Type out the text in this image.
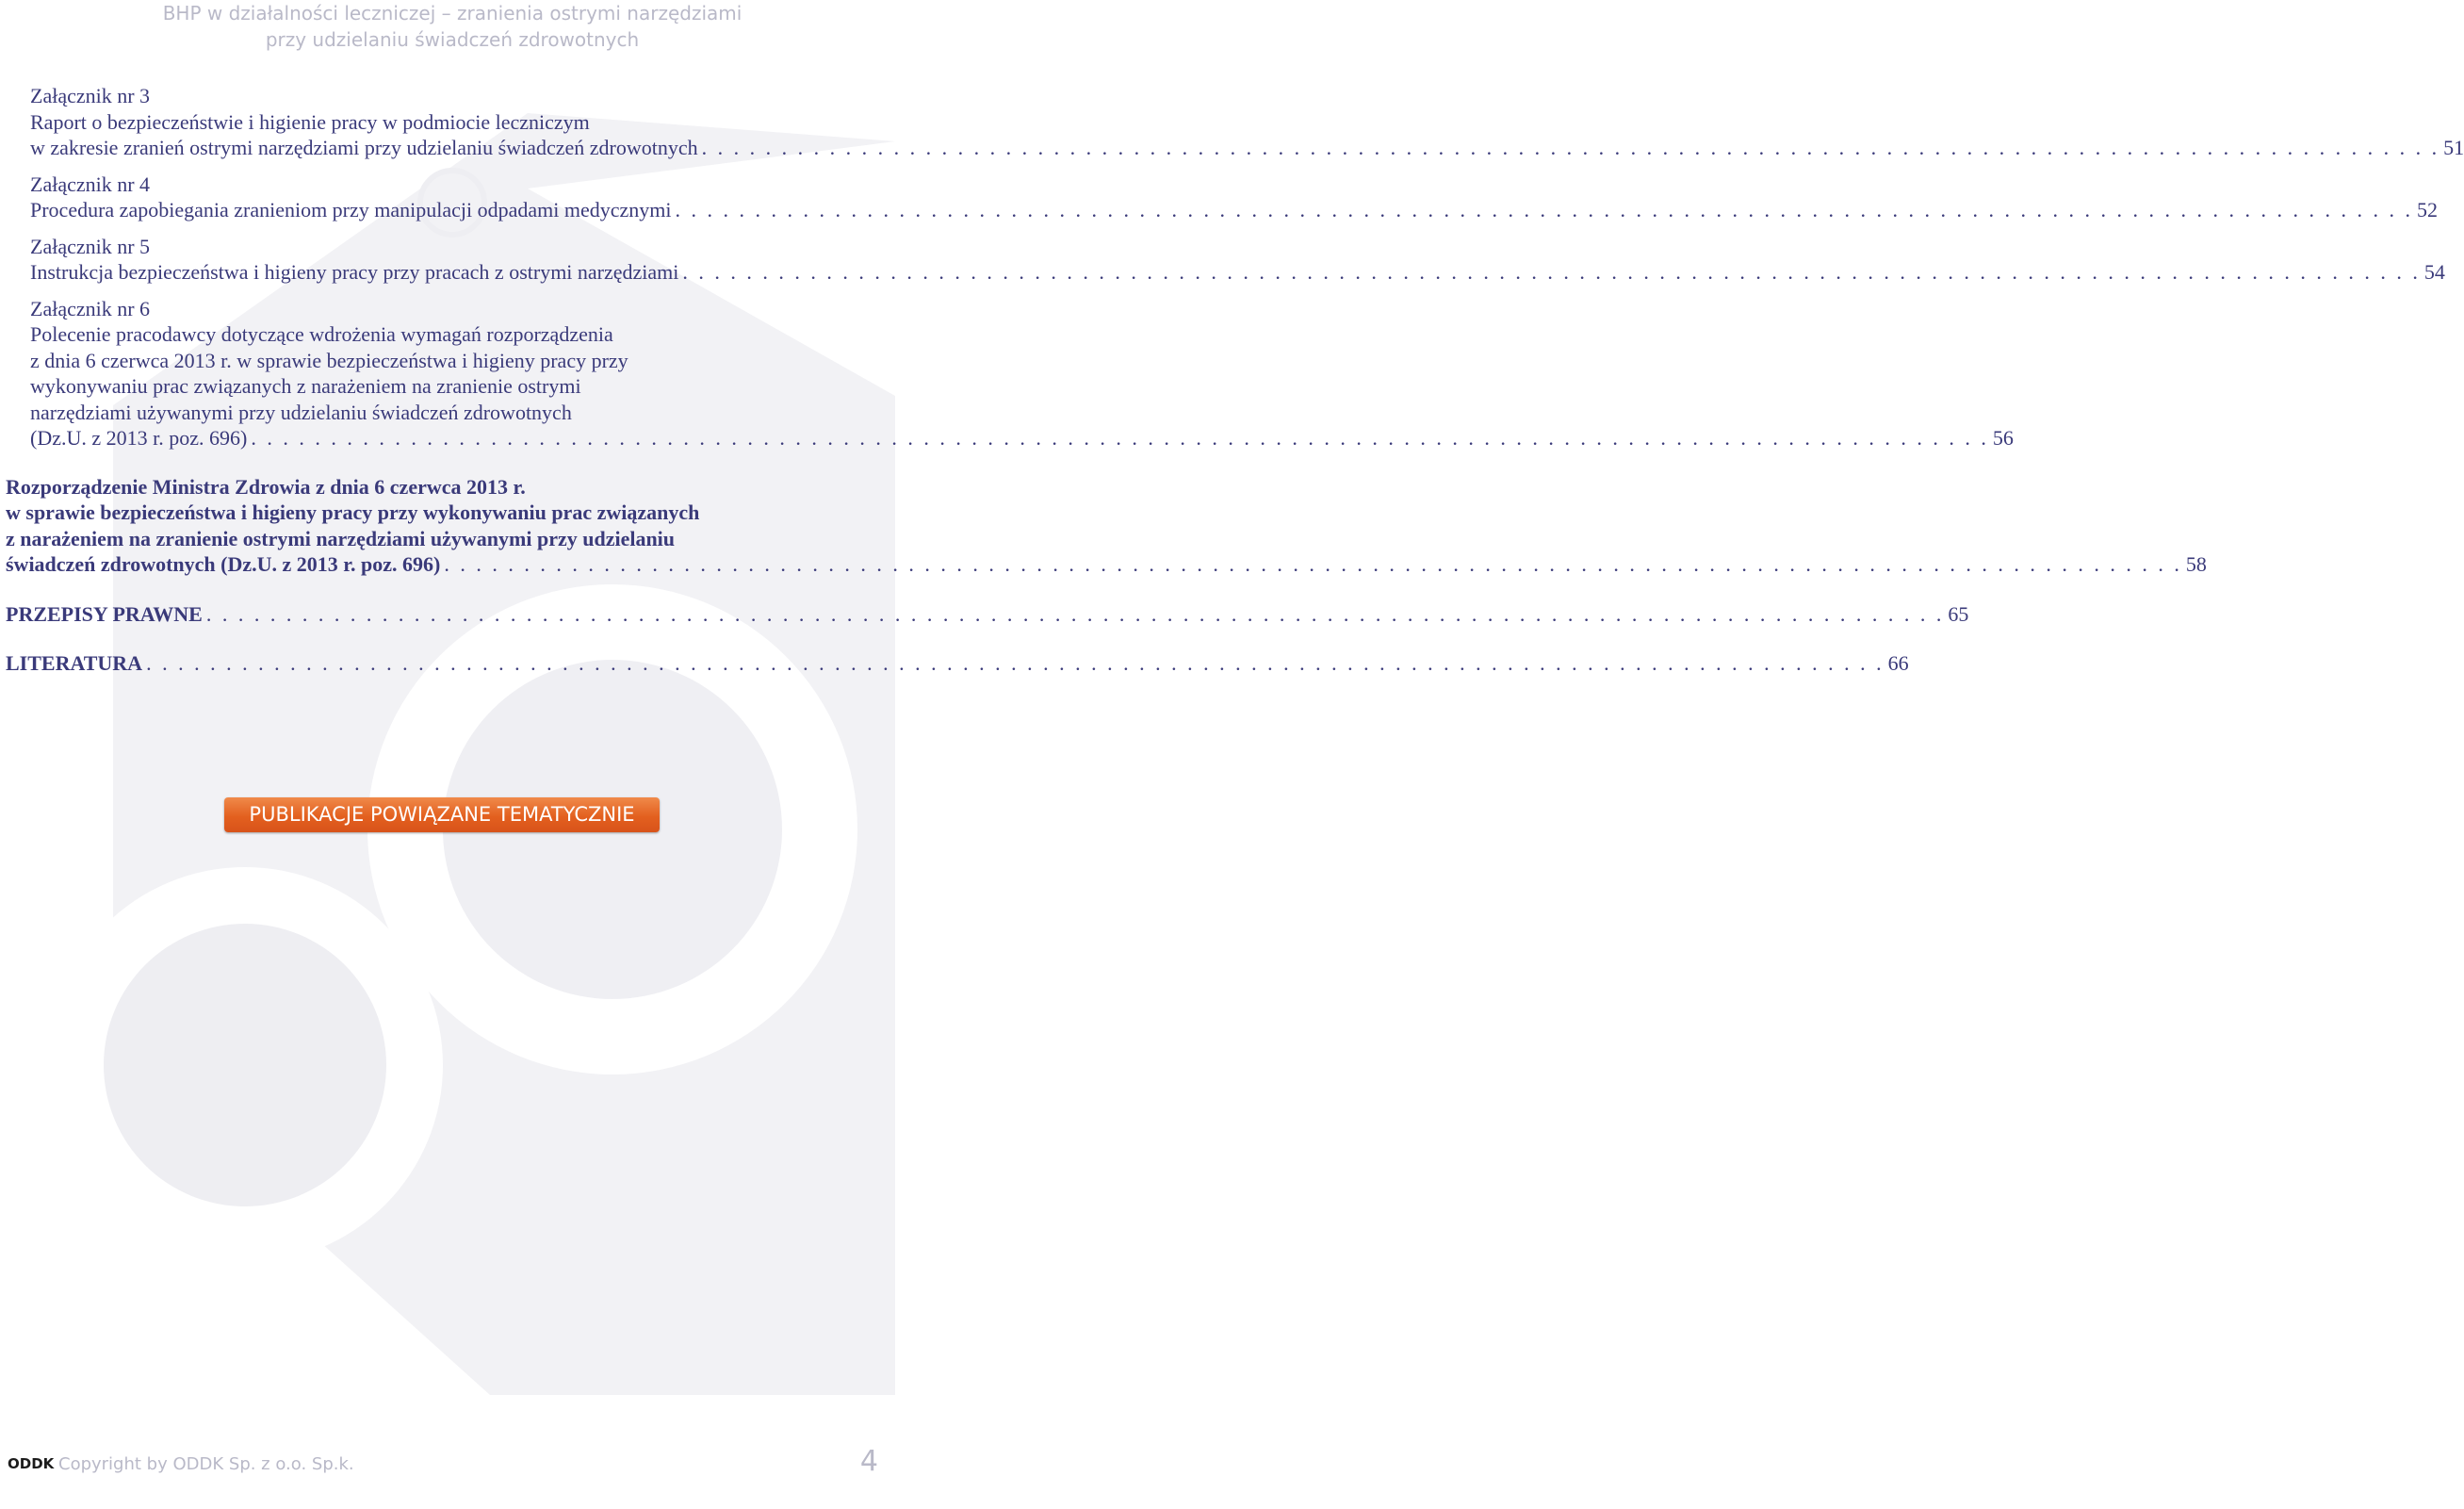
BHP w działalności leczniczej – zranienia ostrymi narzędziami
przy udzielaniu świadczeń zdrowotnych
Załącznik nr 3
Raport o bezpieczeństwie i higienie pracy w podmiocie leczniczym
w zakresie zranień ostrymi narzędziami przy udzielaniu świadczeń zdrowotnych . . .	51
Załącznik nr 4
Procedura zapobiegania zranieniom przy manipulacji odpadami medycznymi . . .	52
Załącznik nr 5
Instrukcja bezpieczeństwa i higieny pracy przy pracach z ostrymi narzędziami . . .	54
Załącznik nr 6
Polecenie pracodawcy dotyczące wdrożenia wymagań rozporządzenia
z dnia 6 czerwca 2013 r. w sprawie bezpieczeństwa i higieny pracy przy
wykonywaniu prac związanych z narażeniem na zranienie ostrymi
narzędziami używanymi przy udzielaniu świadczeń zdrowotnych
(Dz.U. z 2013 r. poz. 696) . . .	56
Rozporządzenie Ministra Zdrowia z dnia 6 czerwca 2013 r.
w sprawie bezpieczeństwa i higieny pracy przy wykonywaniu prac związanych
z narażeniem na zranienie ostrymi narzędziami używanymi przy udzielaniu
świadczeń zdrowotnych (Dz.U. z 2013 r. poz. 696) . . .	58
PRZEPISY PRAWNE . . .	65
LITERATURA . . .	66
PUBLIKACJE POWIĄZANE TEMATYCZNIE
ODDK Copyright by ODDK Sp. z o.o. Sp.k.	4
